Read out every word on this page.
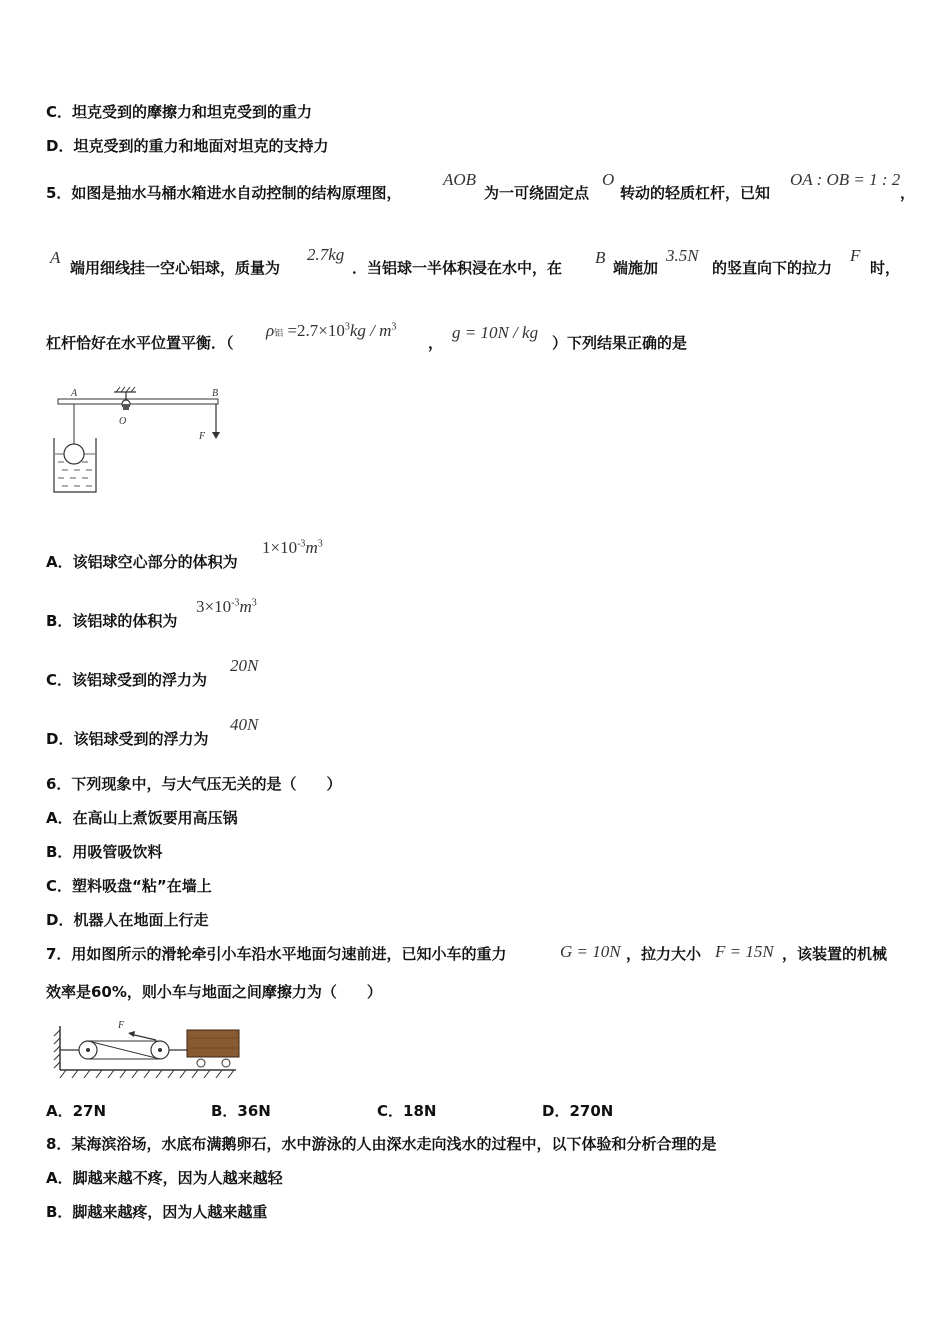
C．坦克受到的摩擦力和坦克受到的重力
D．坦克受到的重力和地面对坦克的支持力
5．如图是抽水马桶水箱进水自动控制的结构原理图，
AOB
为一可绕固定点
O
转动的轻质杠杆，已知
OA : OB = 1 : 2
，
A
端用细线挂一空心铝球，质量为
2.7kg
．当铝球一半体积浸在水中，在
B
端施加
3.5N
的竖直向下的拉力
F
时，
杠杆恰好在水平位置平衡．（
ρ铝 $=2.7\times 10^3kg / m^3$
，
g = 10N / kg
）下列结果正确的是
A	B
O
F
A．该铝球空心部分的体积为
$1\times 10^{-3}m^3$
B．该铝球的体积为
$3\times 10^{-3}m^3$
C．该铝球受到的浮力为
20N
D．该铝球受到的浮力为
40N
6．下列现象中，与大气压无关的是（　　）
A．在高山上煮饭要用高压锅
B．用吸管吸饮料
C．塑料吸盘“粘”在墙上
D．机器人在地面上行走
7．用如图所示的滑轮牵引小车沿水平地面匀速前进，已知小车的重力	G = 10N ，拉力大小 F = 15N ，该装置的机械
效率是60%，则小车与地面之间摩擦力为（　　）
F
A．27N	B．36N	C．18N	D．270N
8．某海滨浴场，水底布满鹅卵石，水中游泳的人由深水走向浅水的过程中，以下体验和分析合理的是
A．脚越来越不疼，因为人越来越轻
B．脚越来越疼，因为人越来越重
